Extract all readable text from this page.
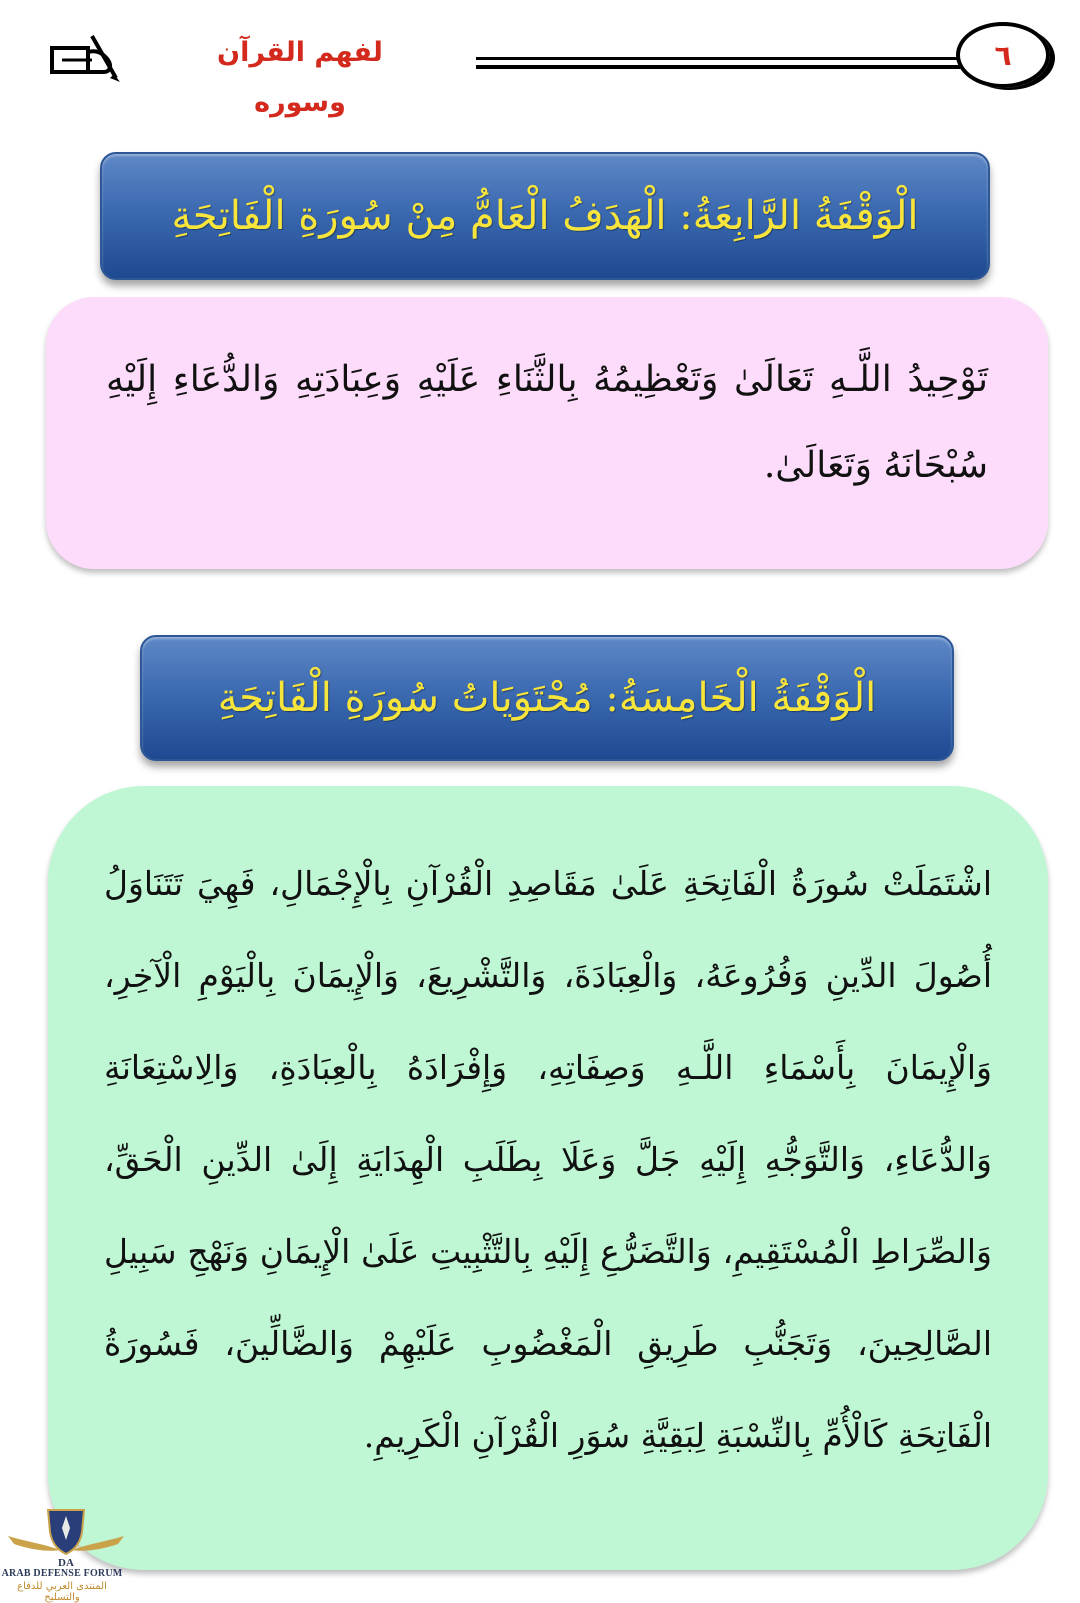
لفهم القرآن وسوره
٦
الْوَقْفَةُ الرَّابِعَةُ: الْهَدَفُ الْعَامُّ مِنْ سُورَةِ الْفَاتِحَةِ
تَوْحِيدُ اللَّـهِ تَعَالَىٰ وَتَعْظِيمُهُ بِالثَّنَاءِ عَلَيْهِ وَعِبَادَتِهِ وَالدُّعَاءِ إِلَيْهِ سُبْحَانَهُ وَتَعَالَىٰ.
الْوَقْفَةُ الْخَامِسَةُ: مُحْتَوَيَاتُ سُورَةِ الْفَاتِحَةِ
اشْتَمَلَتْ سُورَةُ الْفَاتِحَةِ عَلَىٰ مَقَاصِدِ الْقُرْآنِ بِالْإِجْمَالِ، فَهِيَ تَتَنَاوَلُ أُصُولَ الدِّينِ وَفُرُوعَهُ، وَالْعِبَادَةَ، وَالتَّشْرِيعَ، وَالْإِيمَانَ بِالْيَوْمِ الْآخِرِ، وَالْإِيمَانَ بِأَسْمَاءِ اللَّـهِ وَصِفَاتِهِ، وَإِفْرَادَهُ بِالْعِبَادَةِ، وَالِاسْتِعَانَةِ وَالدُّعَاءِ، وَالتَّوَجُّهِ إِلَيْهِ جَلَّ وَعَلَا بِطَلَبِ الْهِدَايَةِ إِلَىٰ الدِّينِ الْحَقِّ، وَالصِّرَاطِ الْمُسْتَقِيمِ، وَالتَّضَرُّعِ إِلَيْهِ بِالتَّثْبِيتِ عَلَىٰ الْإِيمَانِ وَنَهْجِ سَبِيلِ الصَّالِحِينَ، وَتَجَنُّبِ طَرِيقِ الْمَغْضُوبِ عَلَيْهِمْ وَالضَّالِّينَ، فَسُورَةُ الْفَاتِحَةِ كَالْأُمِّ بِالنِّسْبَةِ لِبَقِيَّةِ سُوَرِ الْقُرْآنِ الْكَرِيمِ.
DA
ARAB DEFENSE FORUM
المنتدى العربي للدفاع والتسليح
